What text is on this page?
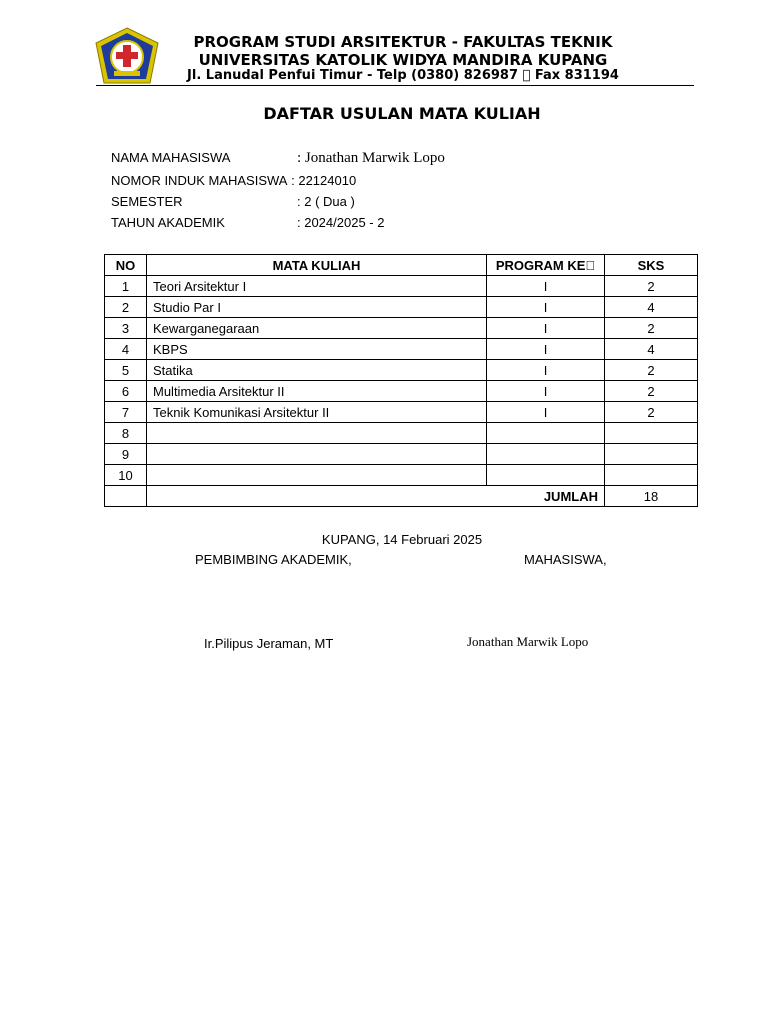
PROGRAM STUDI ARSITEKTUR - FAKULTAS TEKNIK
UNIVERSITAS KATOLIK WIDYA MANDIRA KUPANG
Jl. Lanudal Penfui Timur - Telp (0380) 826987   Fax 831194
DAFTAR USULAN MATA KULIAH
NAMA MAHASISWA	: Jonathan Marwik Lopo
NOMOR INDUK MAHASISWA : 22124010
SEMESTER	: 2 ( Dua )
TAHUN AKADEMIK	: 2024/2025 - 2
NO	MATA KULIAH	PROGRAM KE 	SKS
1	Teori Arsitektur I	I	2
2	Studio Par I	I	4
3	Kewarganegaraan	I	2
4	KBPS	I	4
5	Statika	I	2
6	Multimedia Arsitektur II	I	2
7	Teknik Komunikasi Arsitektur II	I	2
8			
9			
10			
	JUMLAH		18
KUPANG, 14 Februari 2025
PEMBIMBING AKADEMIK,	MAHASISWA,
Ir.Pilipus Jeraman, MT	Jonathan Marwik Lopo
